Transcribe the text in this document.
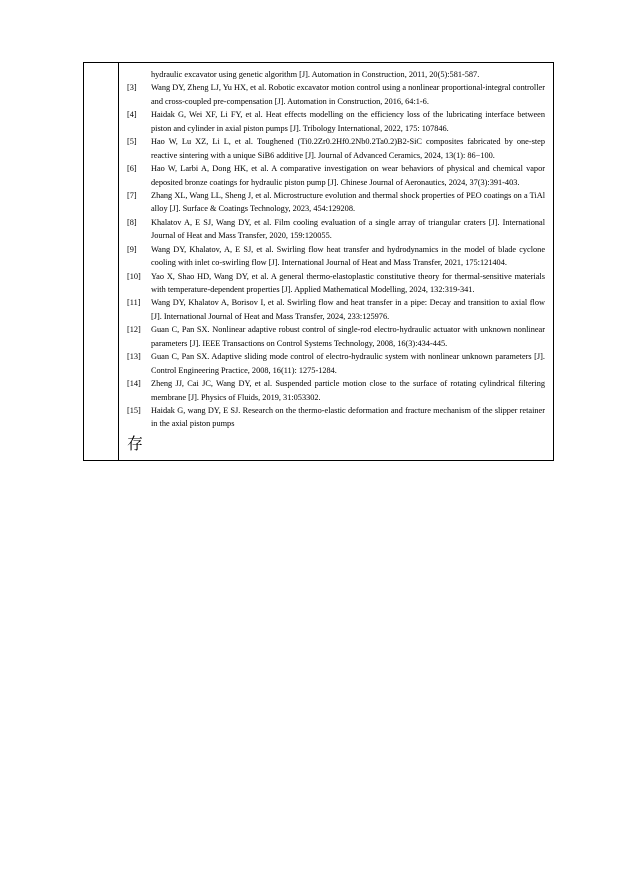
hydraulic excavator using genetic algorithm [J]. Automation in Construction, 2011, 20(5):581-587.
[3]	Wang DY, Zheng LJ, Yu HX, et al. Robotic excavator motion control using a nonlinear proportional-integral controller and cross-coupled pre-compensation [J]. Automation in Construction, 2016, 64:1-6.
[4]	Haidak G, Wei XF, Li FY, et al. Heat effects modelling on the efficiency loss of the lubricating interface between piston and cylinder in axial piston pumps [J]. Tribology International, 2022, 175: 107846.
[5]	Hao W, Lu XZ, Li L, et al. Toughened (Ti0.2Zr0.2Hf0.2Nb0.2Ta0.2)B2-SiC composites fabricated by one-step reactive sintering with a unique SiB6 additive [J]. Journal of Advanced Ceramics, 2024, 13(1): 86−100.
[6]	Hao W, Larbi A, Dong HK, et al. A comparative investigation on wear behaviors of physical and chemical vapor deposited bronze coatings for hydraulic piston pump [J]. Chinese Journal of Aeronautics, 2024, 37(3):391-403.
[7]	Zhang XL, Wang LL, Sheng J, et al. Microstructure evolution and thermal shock properties of PEO coatings on a TiAl alloy [J]. Surface & Coatings Technology, 2023, 454:129208.
[8]	Khalatov A, E SJ, Wang DY, et al. Film cooling evaluation of a single array of triangular craters [J]. International Journal of Heat and Mass Transfer, 2020, 159:120055.
[9]	Wang DY, Khalatov, A, E SJ, et al. Swirling flow heat transfer and hydrodynamics in the model of blade cyclone cooling with inlet co-swirling flow [J]. International Journal of Heat and Mass Transfer, 2021, 175:121404.
[10]	Yao X, Shao HD, Wang DY, et al. A general thermo-elastoplastic constitutive theory for thermal-sensitive materials with temperature-dependent properties [J]. Applied Mathematical Modelling, 2024, 132:319-341.
[11]	Wang DY, Khalatov A, Borisov I, et al. Swirling flow and heat transfer in a pipe: Decay and transition to axial flow [J]. International Journal of Heat and Mass Transfer, 2024, 233:125976.
[12]	Guan C, Pan SX. Nonlinear adaptive robust control of single-rod electro-hydraulic actuator with unknown nonlinear parameters [J]. IEEE Transactions on Control Systems Technology, 2008, 16(3):434-445.
[13]	Guan C, Pan SX. Adaptive sliding mode control of electro-hydraulic system with nonlinear unknown parameters [J]. Control Engineering Practice, 2008, 16(11): 1275-1284.
[14]	Zheng JJ, Cai JC, Wang DY, et al. Suspended particle motion close to the surface of rotating cylindrical filtering membrane [J]. Physics of Fluids, 2019, 31:053302.
[15]	Haidak G, wang DY, E SJ. Research on the thermo-elastic deformation and fracture mechanism of the slipper retainer in the axial piston pumps
存
